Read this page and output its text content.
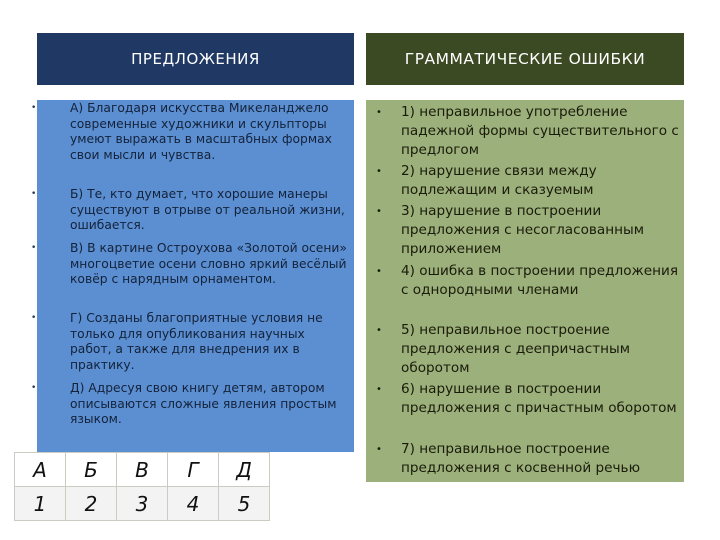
ПРЕДЛОЖЕНИЯ	ГРАММАТИЧЕСКИЕ ОШИБКИ
•	А) Благодаря искусства Микеланджело современные художники и скульпторы умеют выражать в масштабных формах свои мысли и чувства.
•	Б) Те, кто думает, что хорошие манеры существуют в отрыве от реальной жизни, ошибается.
•	В) В картине Остроухова «Золотой осени» многоцветие осени словно яркий весёлый ковёр с нарядным орнаментом.
•	Г) Созданы благоприятные условия не только для опубликования научных работ, а также для внедрения их в практику.
•	Д) Адресуя свою книгу детям, автором описываются сложные явления простым языком.
• 1) неправильное употребление падежной формы существительного с предлогом
• 2) нарушение связи между подлежащим и сказуемым
• 3) нарушение в построении предложения с несогласованным приложением
• 4) ошибка в построении предложения с однородными членами
• 5) неправильное построение предложения с деепричастным оборотом
• 6) нарушение в построении предложения с причастным оборотом
• 7) неправильное построение предложения с косвенной речью
А	Б	В	Г	Д
1	2	3	4	5
